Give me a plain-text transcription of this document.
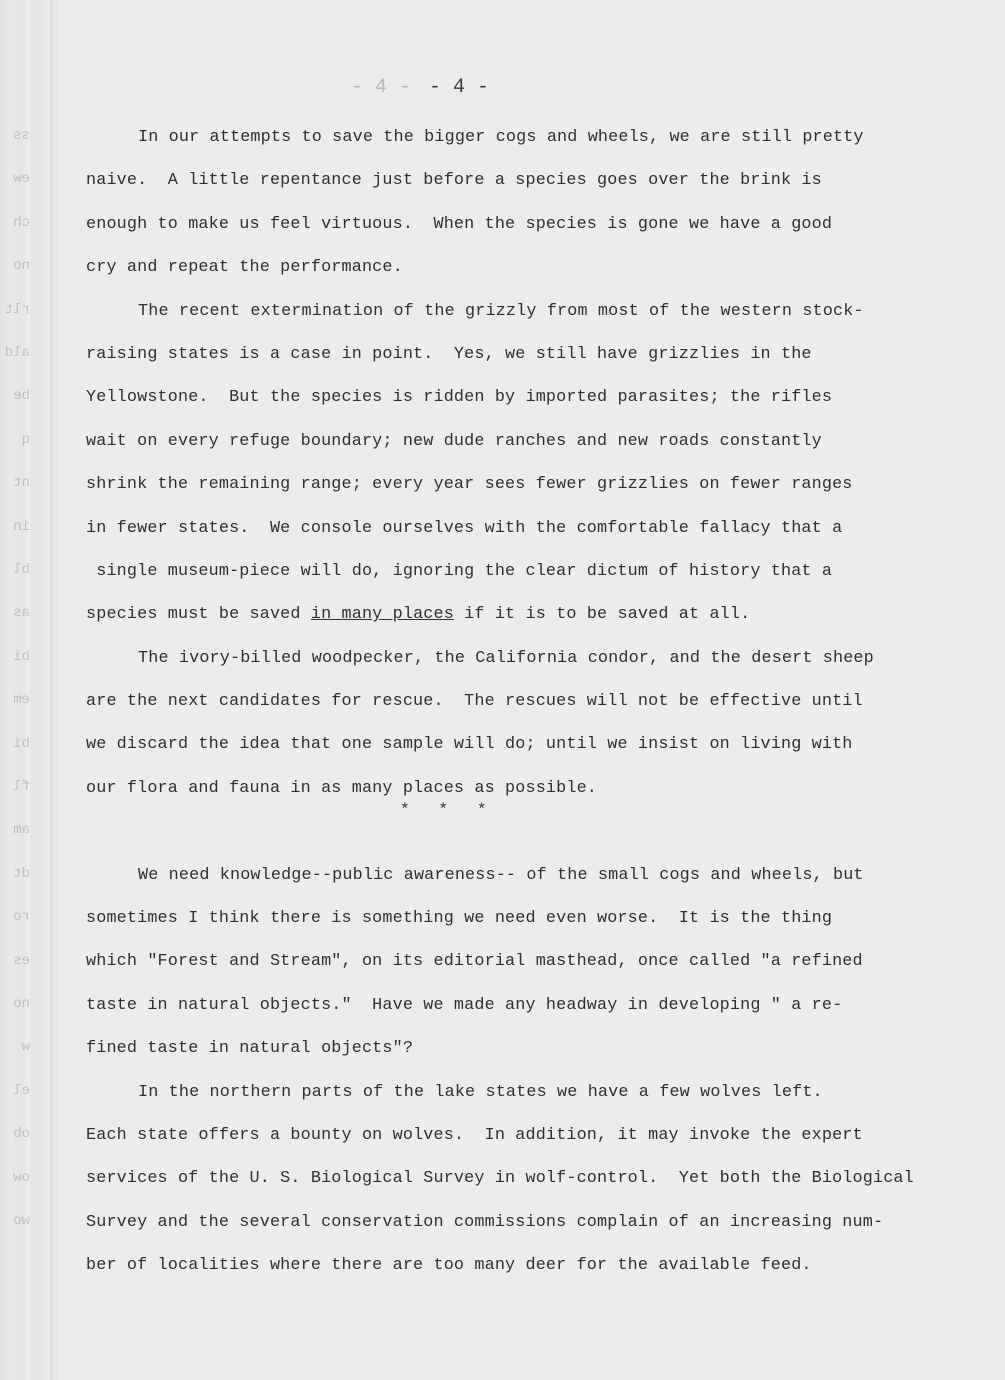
ss
ew
ch
no
rlt
ald
be
q
nt
in
bl
as
bi
em
bi
fl
am
dt
ro
es
no
w
el
ob
ow
wo
- 4 - - 4 -
In our attempts to save the bigger cogs and wheels, we are still pretty
naive.  A little repentance just before a species goes over the brink is
enough to make us feel virtuous.  When the species is gone we have a good
cry and repeat the performance.
The recent extermination of the grizzly from most of the western stock-
raising states is a case in point.  Yes, we still have grizzlies in the
Yellowstone.  But the species is ridden by imported parasites; the rifles
wait on every refuge boundary; new dude ranches and new roads constantly
shrink the remaining range; every year sees fewer grizzlies on fewer ranges
in fewer states.  We console ourselves with the comfortable fallacy that a
single museum-piece will do, ignoring the clear dictum of history that a
species must be saved in many places if it is to be saved at all.
The ivory-billed woodpecker, the California condor, and the desert sheep
are the next candidates for rescue.  The rescues will not be effective until
we discard the idea that one sample will do; until we insist on living with
our flora and fauna in as many places as possible.
We need knowledge--public awareness-- of the small cogs and wheels, but
sometimes I think there is something we need even worse.  It is the thing
which "Forest and Stream", on its editorial masthead, once called "a refined
taste in natural objects."  Have we made any headway in developing " a re-
fined taste in natural objects"?
In the northern parts of the lake states we have a few wolves left.
Each state offers a bounty on wolves.  In addition, it may invoke the expert
services of the U. S. Biological Survey in wolf-control.  Yet both the Biological
Survey and the several conservation commissions complain of an increasing num-
ber of localities where there are too many deer for the available feed.
*   *   *
